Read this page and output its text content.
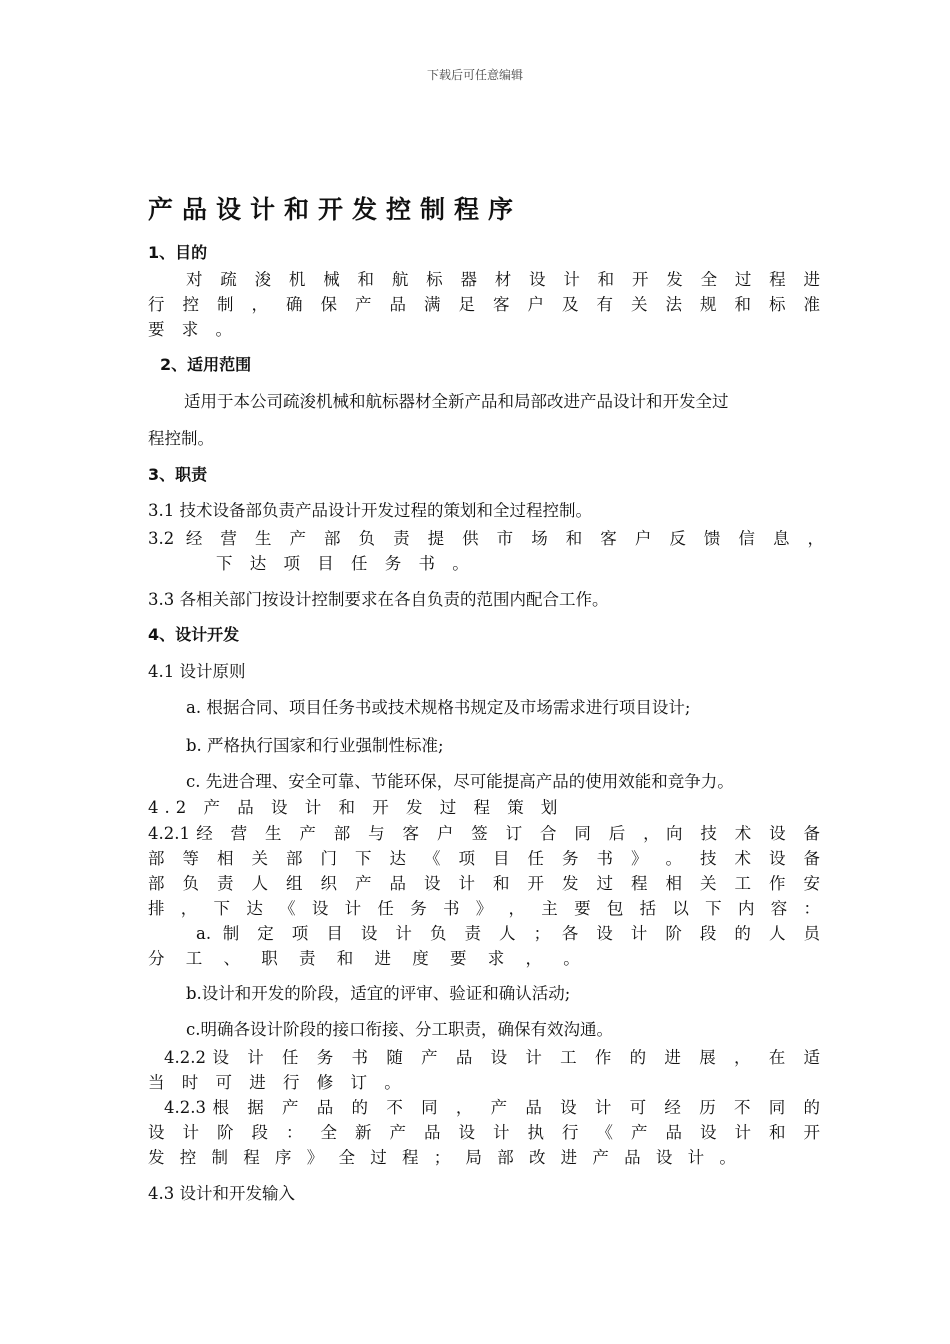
下载后可任意编辑
产品设计和开发控制程序
1、目的
对 疏 浚 机 械 和 航 标 器 材 设 计 和 开 发 全 过 程 进
行 控 制 ， 确 保 产 品 满 足 客 户 及 有 关 法 规 和 标 准
要 求 。
2、适用范围
适用于本公司疏浚机械和航标器材全新产品和局部改进产品设计和开发全过
程控制。
3、职责
3.1 技术设备部负责产品设计开发过程的策划和全过程控制。
3.2 经 营 生 产 部 负 责 提 供 市 场 和 客 户 反 馈 信 息 ，
下 达 项 目 任 务 书 。
3.3 各相关部门按设计控制要求在各自负责的范围内配合工作。
4、设计开发
4.1 设计原则
a. 根据合同、项目任务书或技术规格书规定及市场需求进行项目设计;
b. 严格执行国家和行业强制性标准;
c. 先进合理、安全可靠、节能环保，尽可能提高产品的使用效能和竞争力。
4.2 产 品 设 计 和 开 发 过 程 策 划
4.2.1经 营 生 产 部 与 客 户 签 订 合 同 后 ，向 技 术 设 备
部 等 相 关 部 门 下 达 《 项 目 任 务 书 》 。 技 术 设 备
部 负 责 人 组 织 产 品 设 计 和 开 发 过 程 相 关 工 作 安
排 ， 下 达 《 设 计 任 务 书 》 ， 主 要 包 括 以 下 内 容 ：
a. 制 定 项 目 设 计 负 责 人 ； 各 设 计 阶 段 的 人 员
分 工 、 职 责 和 进 度 要 求 ， 。
b.设计和开发的阶段，适宜的评审、验证和确认活动;
c.明确各设计阶段的接口衔接、分工职责，确保有效沟通。
4.2.2设 计 任 务 书 随 产 品 设 计 工 作 的 进 展 ， 在 适
当 时 可 进 行 修 订 。
4.2.3根 据 产 品 的 不 同 ， 产 品 设 计 可 经 历 不 同 的
设 计 阶 段 ： 全 新 产 品 设 计 执 行 《 产 品 设 计 和 开
发 控 制 程 序 》 全 过 程 ； 局 部 改 进 产 品 设 计 。
4.3 设计和开发输入
